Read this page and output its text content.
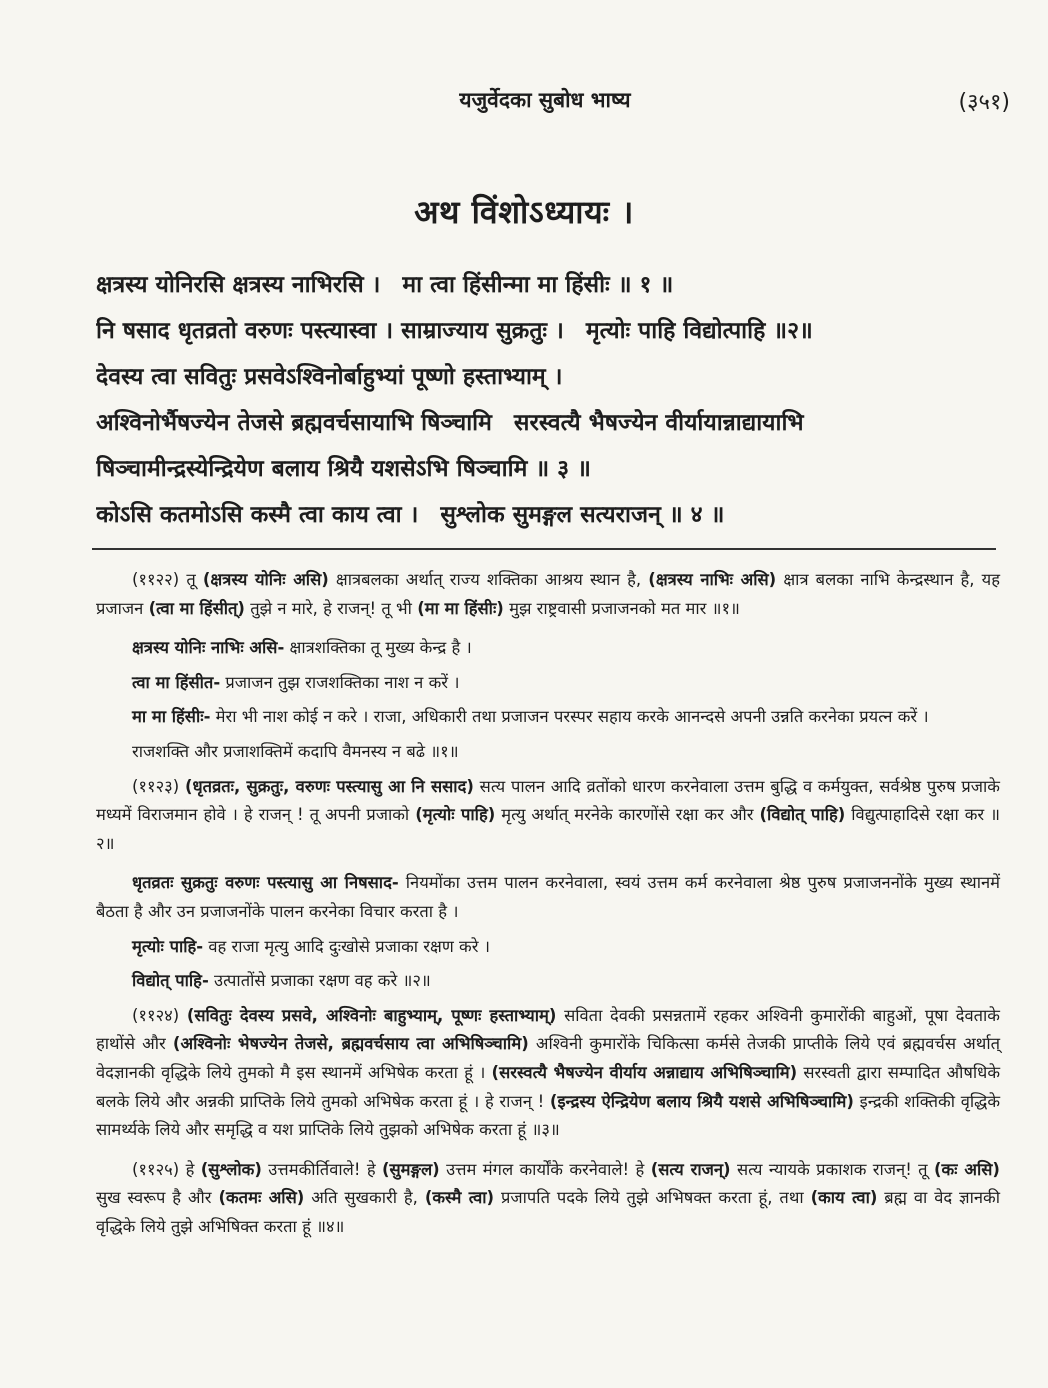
यजुर्वेदका सुबोध भाष्य	(३५१)
अथ विंशोऽध्यायः ।
क्षत्रस्य योनिरसि क्षत्रस्य नाभिरसि । मा त्वा हिंसीन्मा मा हिंसीः ॥ १ ॥
नि षसाद धृतव्रतो वरुणः पस्त्यास्वा । साम्राज्याय सुक्रतुः । मृत्योः पाहि विद्योत्पाहि ॥२॥
देवस्य त्वा सवितुः प्रसवेऽश्विनोर्बाहुभ्यां पूष्णो हस्ताभ्याम् ।
अश्विनोर्भैषज्येन तेजसे ब्रह्मवर्चसायाभि षिञ्चामि सरस्वत्यै भैषज्येन वीर्यायान्नाद्यायाभि
षिञ्चामीन्द्रस्येन्द्रियेण बलाय श्रियै यशसेऽभि षिञ्चामि ॥ ३ ॥
कोऽसि कतमोऽसि कस्मै त्वा काय त्वा । सुश्लोक सुमङ्गल सत्यराजन् ॥ ४ ॥

(११२२) तू (क्षत्रस्य योनिः असि) क्षात्रबलका अर्थात् राज्य शक्तिका आश्रय स्थान है, (क्षत्रस्य नाभिः असि) क्षात्र बलका नाभि केन्द्रस्थान है, यह प्रजाजन (त्वा मा हिंसीत्) तुझे न मारे, हे राजन्! तू भी (मा मा हिंसीः) मुझ राष्ट्रवासी प्रजाजनको मत मार ॥१॥

क्षत्रस्य योनिः नाभिः असि- क्षात्रशक्तिका तू मुख्य केन्द्र है ।

त्वा मा हिंसीत- प्रजाजन तुझ राजशक्तिका नाश न करें ।

मा मा हिंसीः- मेरा भी नाश कोई न करे । राजा, अधिकारी तथा प्रजाजन परस्पर सहाय करके आनन्दसे अपनी उन्नति करनेका प्रयत्न करें ।

राजशक्ति और प्रजाशक्तिमें कदापि वैमनस्य न बढे ॥१॥

(११२३) (धृतव्रतः, सुक्रतुः, वरुणः पस्त्यासु आ नि ससाद) सत्य पालन आदि व्रतोंको धारण करनेवाला उत्तम बुद्धि व कर्मयुक्त, सर्वश्रेष्ठ पुरुष प्रजाके मध्यमें विराजमान होवे । हे राजन् ! तू अपनी प्रजाको (मृत्योः पाहि) मृत्यु अर्थात् मरनेके कारणोंसे रक्षा कर और (विद्योत् पाहि) विद्युत्पाहादिसे रक्षा कर ॥२॥

धृतव्रतः सुक्रतुः वरुणः पस्त्यासु आ निषसाद- नियमोंका उत्तम पालन करनेवाला, स्वयं उत्तम कर्म करनेवाला श्रेष्ठ पुरुष प्रजाजननोंके मुख्य स्थानमें बैठता है और उन प्रजाजनोंके पालन करनेका विचार करता है ।

मृत्योः पाहि- वह राजा मृत्यु आदि दुःखोसे प्रजाका रक्षण करे ।

विद्योत् पाहि- उत्पातोंसे प्रजाका रक्षण वह करे ॥२॥

(११२४) (सवितुः देवस्य प्रसवे, अश्विनोः बाहुभ्याम्, पूष्णः हस्ताभ्याम्) सविता देवकी प्रसन्नतामें रहकर अश्विनी कुमारोंकी बाहुओं, पूषा देवताके हाथोंसे और (अश्विनोः भेषज्येन तेजसे, ब्रह्मवर्चसाय त्वा अभिषिञ्चामि) अश्विनी कुमारोंके चिकित्सा कर्मसे तेजकी प्राप्तीके लिये एवं ब्रह्मवर्चस अर्थात् वेदज्ञानकी वृद्धिके लिये तुमको मै इस स्थानमें अभिषेक करता हूं । (सरस्वत्यै भैषज्येन वीर्याय अन्नाद्याय अभिषिञ्चामि) सरस्वती द्वारा सम्पादित औषधिके बलके लिये और अन्नकी प्राप्तिके लिये तुमको अभिषेक करता हूं । हे राजन् ! (इन्द्रस्य ऐन्द्रियेण बलाय श्रियै यशसे अभिषिञ्चामि) इन्द्रकी शक्तिकी वृद्धिके सामर्थ्यके लिये और समृद्धि व यश प्राप्तिके लिये तुझको अभिषेक करता हूं ॥३॥

(११२५) हे (सुश्लोक) उत्तमकीर्तिवाले! हे (सुमङ्गल) उत्तम मंगल कार्योंके करनेवाले! हे (सत्य राजन्) सत्य न्यायके प्रकाशक राजन्! तू (कः असि) सुख स्वरूप है और (कतमः असि) अति सुखकारी है, (कस्मै त्वा) प्रजापति पदके लिये तुझे अभिषक्त करता हूं, तथा (काय त्वा) ब्रह्म वा वेद ज्ञानकी वृद्धिके लिये तुझे अभिषिक्त करता हूं ॥४॥
